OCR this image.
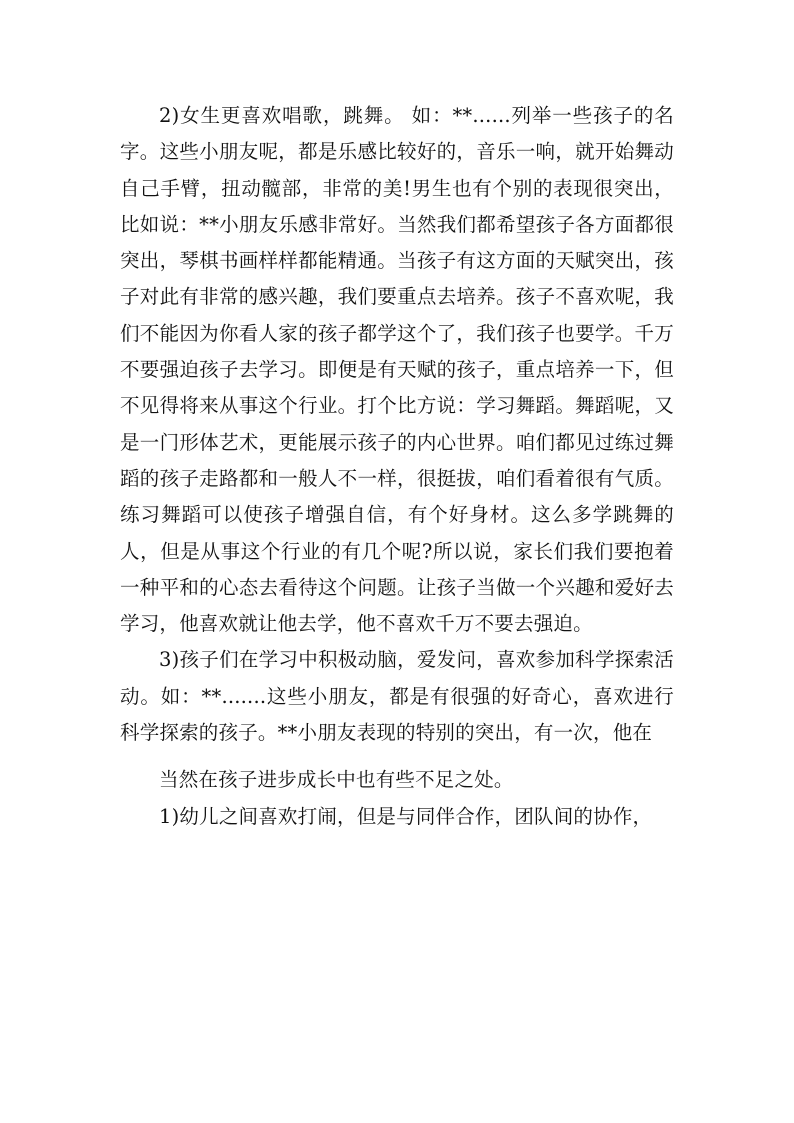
2)女生更喜欢唱歌，跳舞。 如：**......列举一些孩子的名字。这些小朋友呢，都是乐感比较好的，音乐一响，就开始舞动自己手臂，扭动髋部，非常的美!男生也有个别的表现很突出，比如说：**小朋友乐感非常好。当然我们都希望孩子各方面都很突出，琴棋书画样样都能精通。当孩子有这方面的天赋突出，孩子对此有非常的感兴趣，我们要重点去培养。孩子不喜欢呢，我们不能因为你看人家的孩子都学这个了，我们孩子也要学。千万不要强迫孩子去学习。即便是有天赋的孩子，重点培养一下，但不见得将来从事这个行业。打个比方说：学习舞蹈。舞蹈呢，又是一门形体艺术，更能展示孩子的内心世界。咱们都见过练过舞蹈的孩子走路都和一般人不一样，很挺拔，咱们看着很有气质。练习舞蹈可以使孩子增强自信，有个好身材。这么多学跳舞的人，但是从事这个行业的有几个呢?所以说，家长们我们要抱着一种平和的心态去看待这个问题。让孩子当做一个兴趣和爱好去学习，他喜欢就让他去学，他不喜欢千万不要去强迫。

3)孩子们在学习中积极动脑，爱发问，喜欢参加科学探索活动。如：**.......这些小朋友，都是有很强的好奇心，喜欢进行科学探索的孩子。**小朋友表现的特别的突出，有一次，他在

当然在孩子进步成长中也有些不足之处。

1)幼儿之间喜欢打闹，但是与同伴合作，团队间的协作，
